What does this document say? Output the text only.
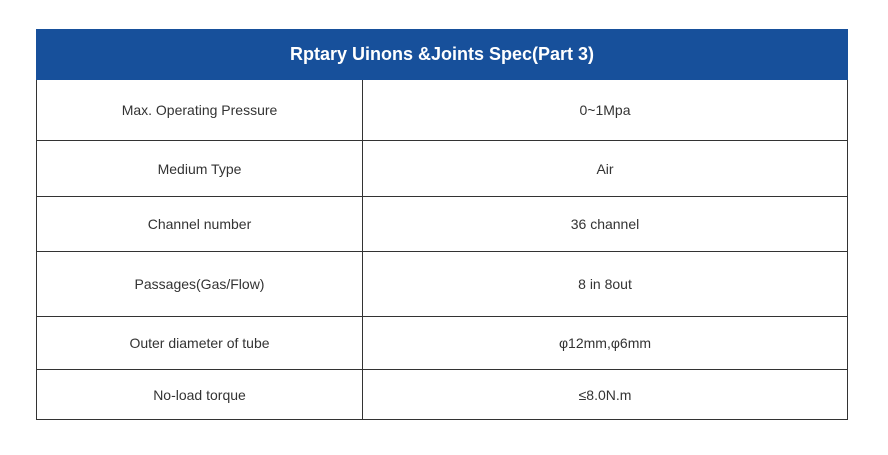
Rptary Uinons &Joints Spec(Part 3)	
Max. Operating Pressure	0~1Mpa
Medium Type	Air
Channel number	36 channel
Passages(Gas/Flow)	8 in 8out
Outer diameter of tube	φ12mm,φ6mm
No-load torque	≤8.0N.m
